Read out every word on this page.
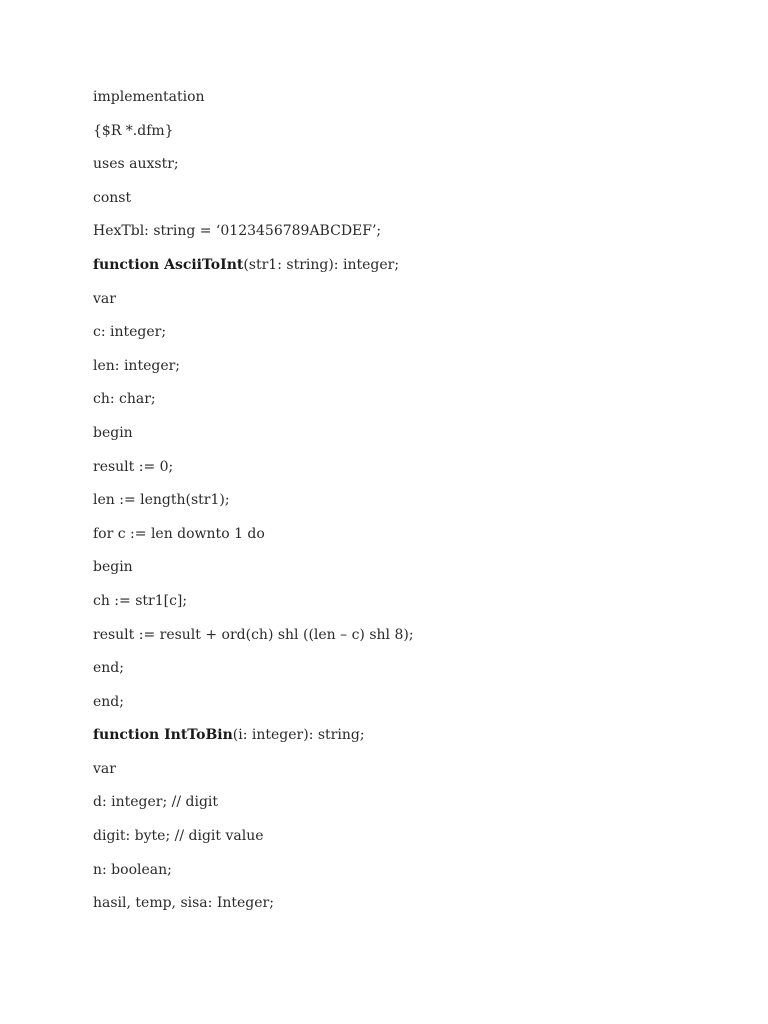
implementation
{$R *.dfm}
uses auxstr;
const
HexTbl: string = ‘0123456789ABCDEF’;
function AsciiToInt(str1: string): integer;
var
c: integer;
len: integer;
ch: char;
begin
result := 0;
len := length(str1);
for c := len downto 1 do
begin
ch := str1[c];
result := result + ord(ch) shl ((len – c) shl 8);
end;
end;
function IntToBin(i: integer): string;
var
d: integer; // digit
digit: byte; // digit value
n: boolean;
hasil, temp, sisa: Integer;
